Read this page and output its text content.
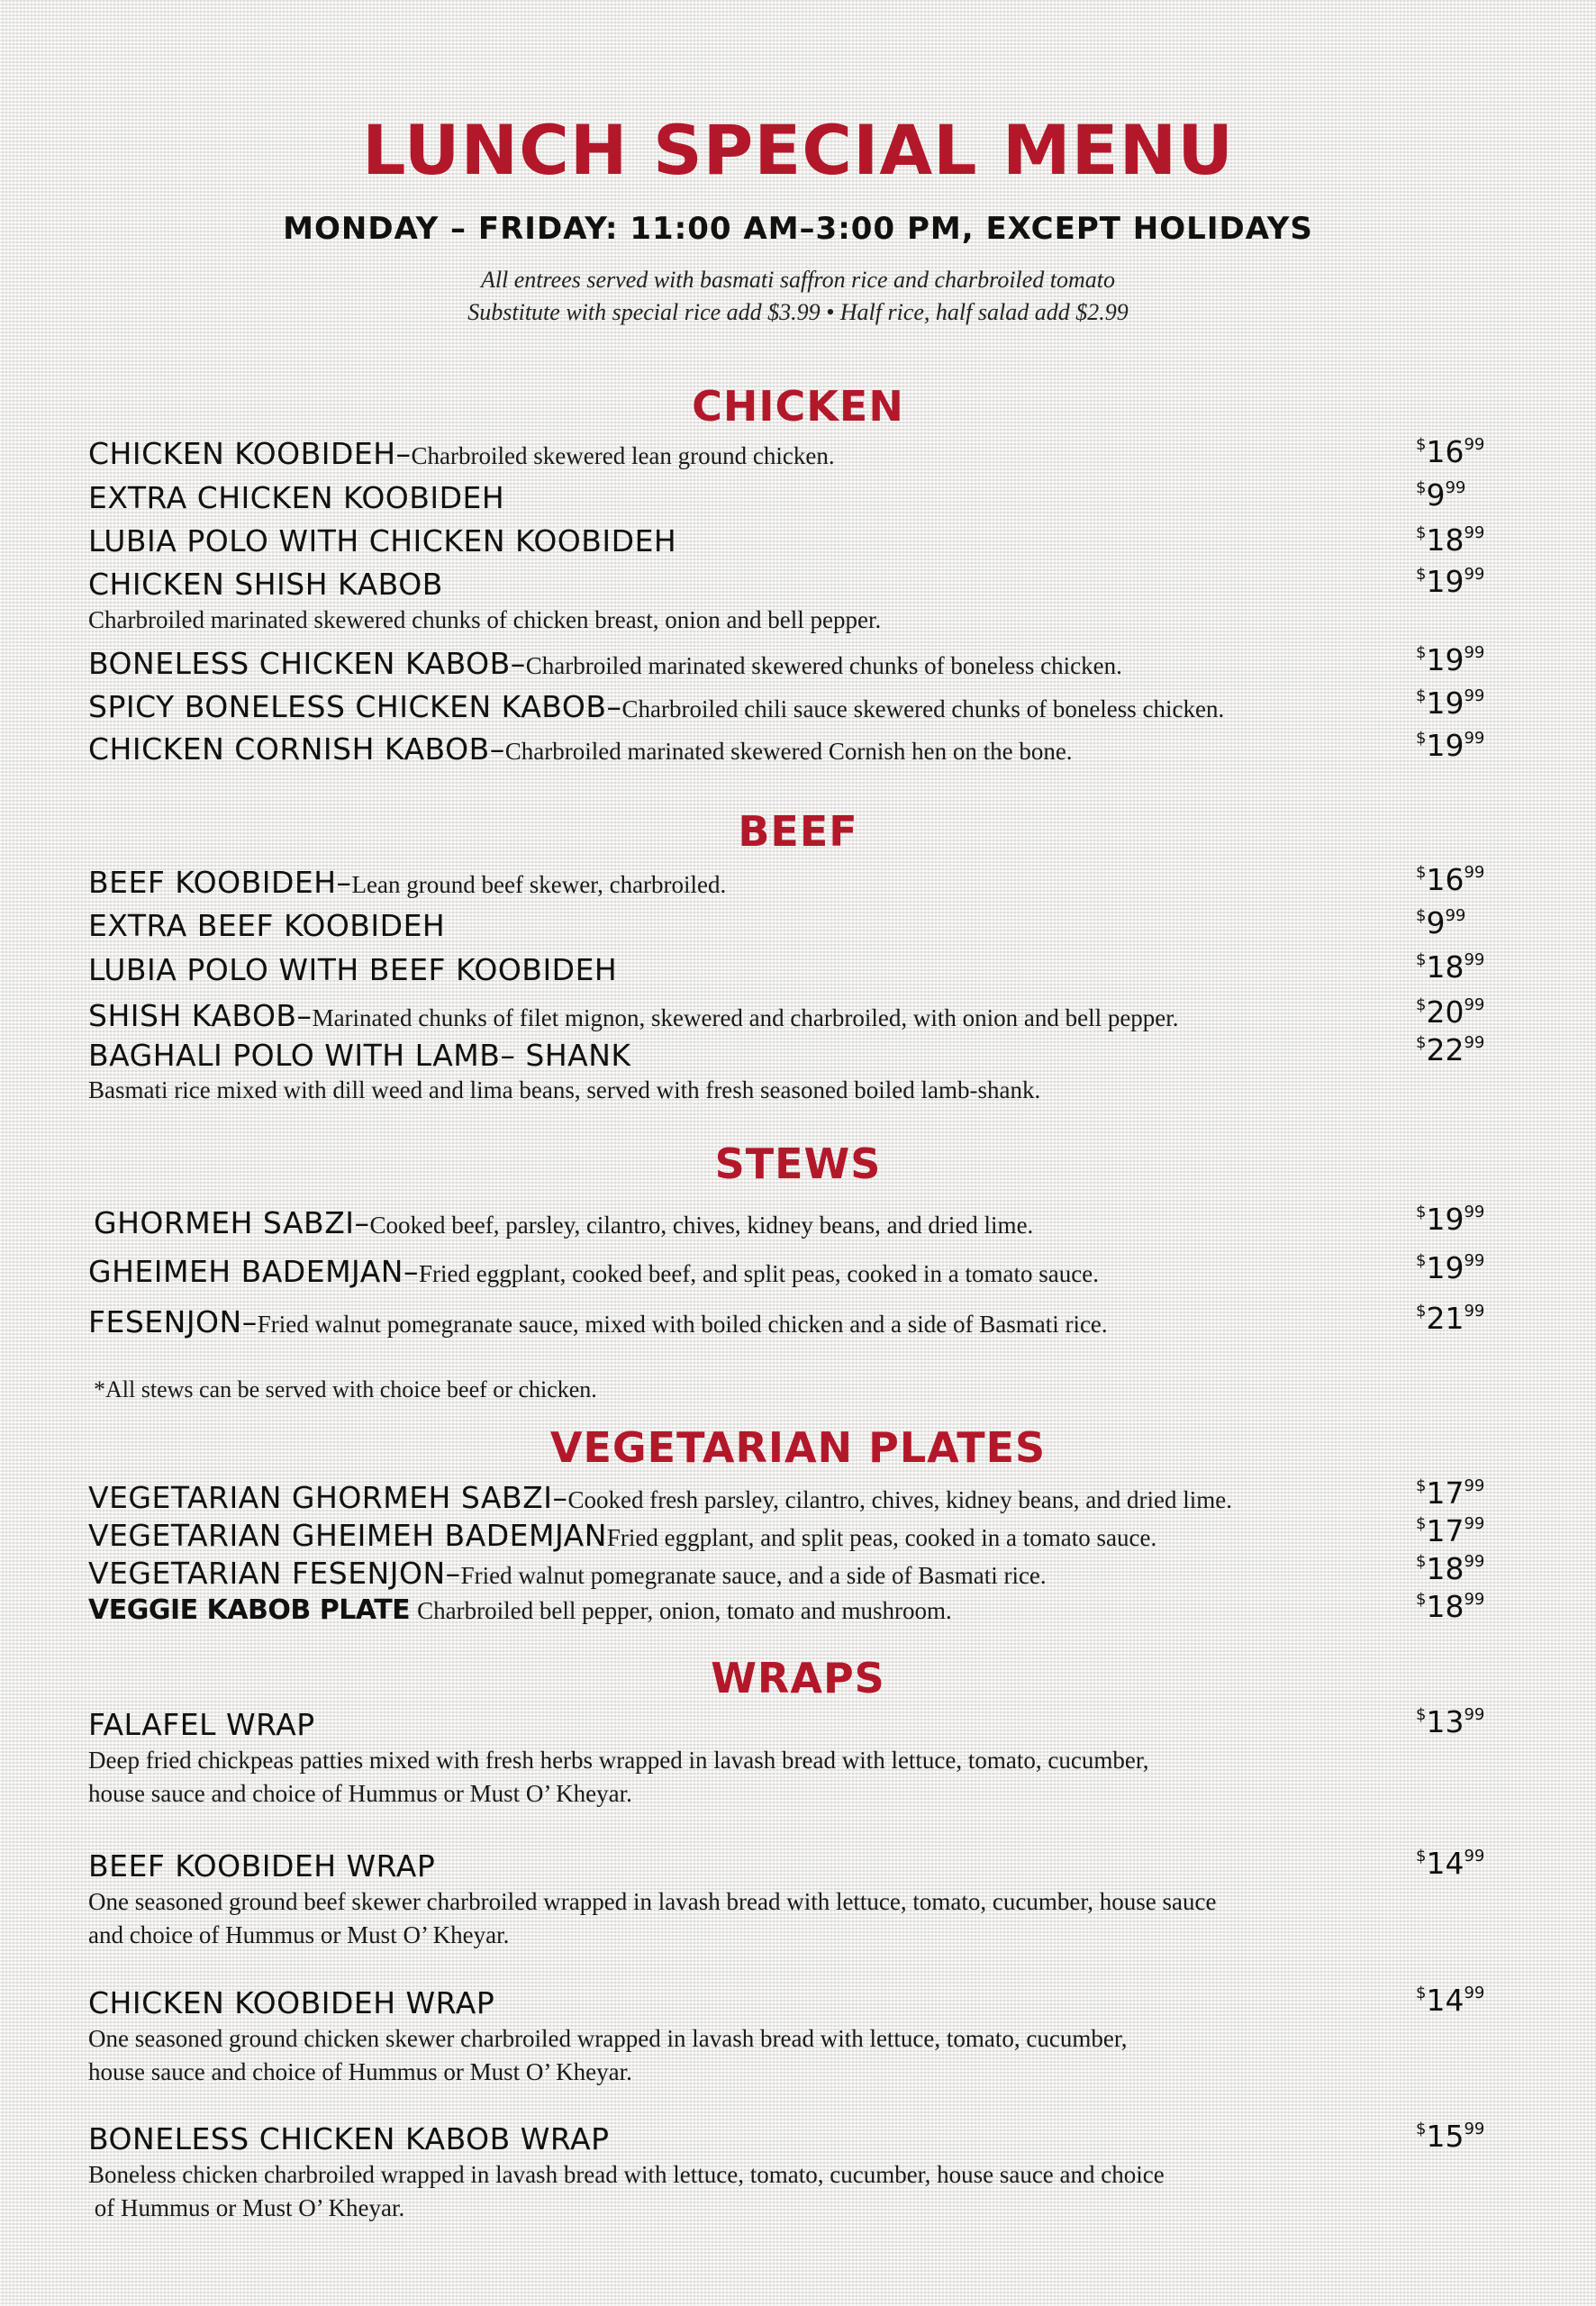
LUNCH SPECIAL MENU
MONDAY – FRIDAY: 11:00 AM–3:00 PM, EXCEPT HOLIDAYS
All entrees served with basmati saffron rice and charbroiled tomato
Substitute with special rice add $3.99 • Half rice, half salad add $2.99
CHICKEN
CHICKEN KOOBIDEH–Charbroiled skewered lean ground chicken.	$^{\$}16^{99}$
EXTRA CHICKEN KOOBIDEH	$^{\$}9^{99}$
LUBIA POLO WITH CHICKEN KOOBIDEH	$^{\$}18^{99}$
CHICKEN SHISH KABOB
Charbroiled marinated skewered chunks of chicken breast, onion and bell pepper.
$^{\$}19^{99}$
BONELESS CHICKEN KABOB–Charbroiled marinated skewered chunks of boneless chicken.	$^{\$}19^{99}$
SPICY BONELESS CHICKEN KABOB–Charbroiled chili sauce skewered chunks of boneless chicken.	$^{\$}19^{99}$
CHICKEN CORNISH KABOB–Charbroiled marinated skewered Cornish hen on the bone.	$^{\$}19^{99}$
BEEF
BEEF KOOBIDEH–Lean ground beef skewer, charbroiled.	$^{\$}16^{99}$
EXTRA BEEF KOOBIDEH	$^{\$}9^{99}$
LUBIA POLO WITH BEEF KOOBIDEH	$^{\$}18^{99}$
SHISH KABOB–Marinated chunks of filet mignon, skewered and charbroiled, with onion and bell pepper.	$^{\$}20^{99}$
BAGHALI POLO WITH LAMB– SHANK
Basmati rice mixed with dill weed and lima beans, served with fresh seasoned boiled lamb-shank.
$^{\$}22^{99}$
STEWS
GHORMEH SABZI–Cooked beef, parsley, cilantro, chives, kidney beans, and dried lime.	$^{\$}19^{99}$
GHEIMEH BADEMJAN–Fried eggplant, cooked beef, and split peas, cooked in a tomato sauce.	$^{\$}19^{99}$
FESENJON–Fried walnut pomegranate sauce, mixed with boiled chicken and a side of Basmati rice.	$^{\$}21^{99}$
*All stews can be served with choice beef or chicken.
VEGETARIAN PLATES
VEGETARIAN GHORMEH SABZI–Cooked fresh parsley, cilantro, chives, kidney beans, and dried lime.
$^{\$}17^{99}$
VEGETARIAN GHEIMEH BADEMJANFried eggplant, and split peas, cooked in a tomato sauce.
$^{\$}17^{99}$
VEGETARIAN FESENJON–Fried walnut pomegranate sauce, and a side of Basmati rice.
$^{\$}18^{99}$
VEGGIE KABOB PLATE Charbroiled bell pepper, onion, tomato and mushroom.	$^{\$}18^{99}$
WRAPS
FALAFEL WRAP
Deep fried chickpeas patties mixed with fresh herbs wrapped in lavash bread with lettuce, tomato, cucumber,
house sauce and choice of Hummus or Must O’ Kheyar.
$^{\$}13^{99}$
BEEF KOOBIDEH WRAP
One seasoned ground beef skewer charbroiled wrapped in lavash bread with lettuce, tomato, cucumber, house sauce
and choice of Hummus or Must O’ Kheyar.
$^{\$}14^{99}$
CHICKEN KOOBIDEH WRAP
One seasoned ground chicken skewer charbroiled wrapped in lavash bread with lettuce, tomato, cucumber,
house sauce and choice of Hummus or Must O’ Kheyar.
$^{\$}14^{99}$
BONELESS CHICKEN KABOB WRAP
Boneless chicken charbroiled wrapped in lavash bread with lettuce, tomato, cucumber, house sauce and choice
of Hummus or Must O’ Kheyar.
$^{\$}15^{99}$
